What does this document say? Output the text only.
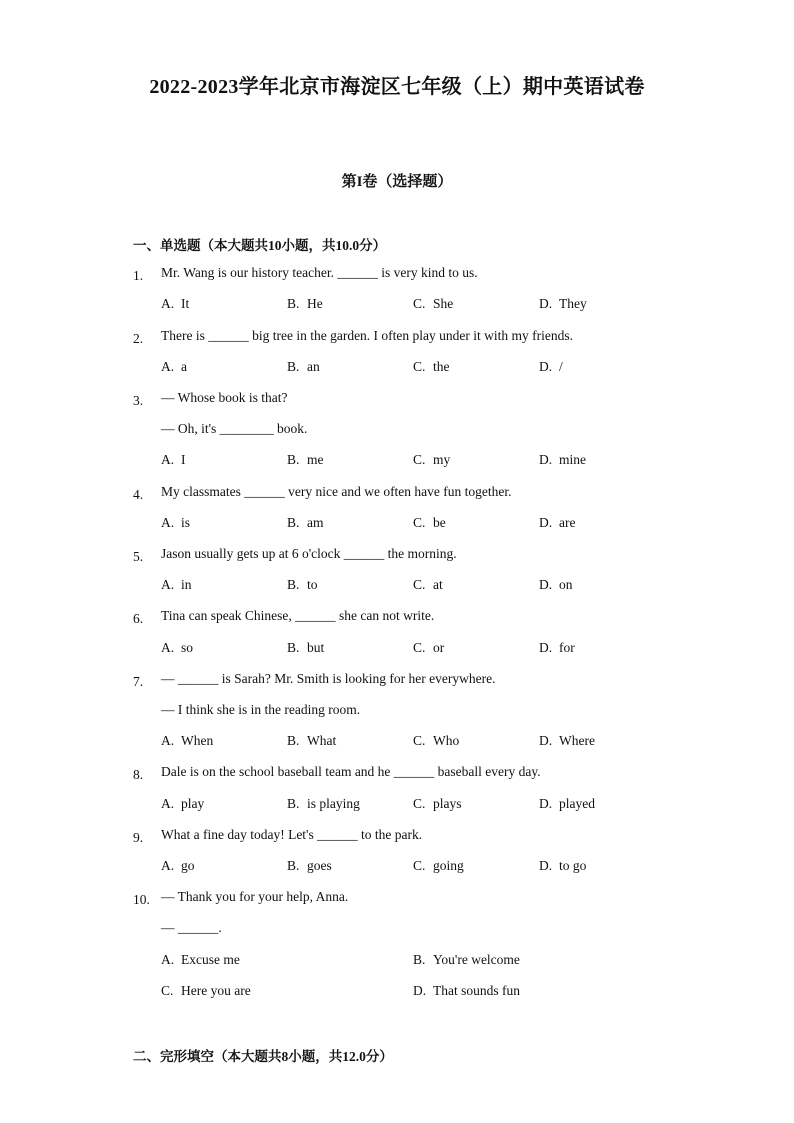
2022-2023学年北京市海淀区七年级（上）期中英语试卷
第I卷（选择题）
一、单选题（本大题共10小题，共10.0分）
二、完形填空（本大题共8小题，共12.0分）
1.	Mr. Wang is our history teacher. ______ is very kind to us.
A. It	B. He	C. She	D. They
2.	There is ______ big tree in the garden. I often play under it with my friends.
A. a	B. an	C. the	D. /
3.	— Whose book is that?
— Oh, it's ________ book.
A. I	B. me	C. my	D. mine
4.	My classmates ______ very nice and we often have fun together.
A. is	B. am	C. be	D. are
5.	Jason usually gets up at 6 o'clock ______ the morning.
A. in	B. to	C. at	D. on
6.	Tina can speak Chinese, ______ she can not write.
A. so	B. but	C. or	D. for
7.	— ______ is Sarah? Mr. Smith is looking for her everywhere.
— I think she is in the reading room.
A. When	B. What	C. Who	D. Where
8.	Dale is on the school baseball team and he ______ baseball every day.
A. play	B. is playing	C. plays	D. played
9.	What a fine day today! Let's ______ to the park.
A. go	B. goes	C. going	D. to go
10. — Thank you for your help, Anna.
— ______.
A. Excuse me	B. You're welcome
C. Here you are	D. That sounds fun
